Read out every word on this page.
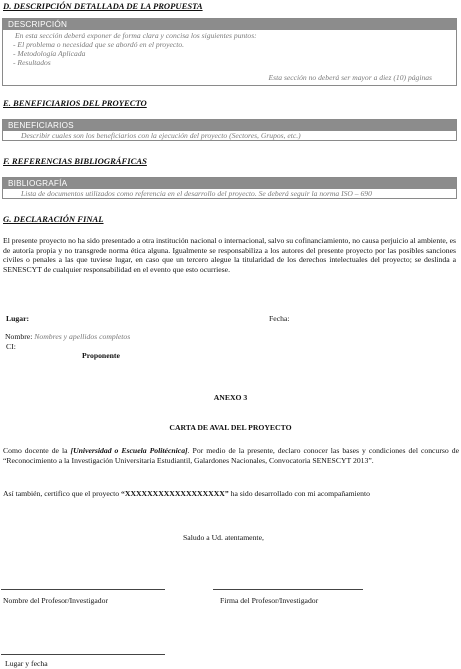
D. DESCRIPCIÓN DETALLADA DE LA PROPUESTA
DESCRIPCIÓN
En esta sección deberá exponer de forma clara y concisa los siguientes puntos:
- El problema o necesidad que se abordó en el proyecto.
- Metodología Aplicada
- Resultados
Esta sección no deberá ser mayor a diez (10) páginas
E. BENEFICIARIOS DEL PROYECTO
BENEFICIARIOS
Describir cuales son los beneficiarios con la ejecución del proyecto (Sectores, Grupos, etc.)
F. REFERENCIAS BIBLIOGRÁFICAS
BIBLIOGRAFÍA
Lista de documentos utilizados como referencia en el desarrollo del proyecto. Se deberá seguir la norma ISO – 690
G. DECLARACIÓN FINAL
El presente proyecto no ha sido presentado a otra institución nacional o internacional, salvo su cofinanciamiento, no causa perjuicio al ambiente, es de autoría propia y no transgrede norma ética alguna. Igualmente se responsabiliza a los autores del presente proyecto por las posibles sanciones civiles o penales a las que tuviese lugar, en caso que un tercero alegue la titularidad de los derechos intelectuales del proyecto; se deslinda a SENESCYT de cualquier responsabilidad en el evento que esto ocurriese.
Lugar:	Fecha:
Nombre: Nombres y apellidos completos
CI:
Proponente
ANEXO 3
CARTA DE AVAL DEL PROYECTO
Como docente de la [Universidad o Escuela Politécnica]. Por medio de la presente, declaro conocer las bases y condiciones del concurso de “Reconocimiento a la Investigación Universitaria Estudiantil, Galardones Nacionales, Convocatoria SENESCYT 2013”.
Así también, certifico que el proyecto “XXXXXXXXXXXXXXXXXX” ha sido desarrollado con mi acompañamiento
Saludo a Ud. atentamente,
Nombre del Profesor/Investigador	Firma del Profesor/Investigador
Lugar y fecha
